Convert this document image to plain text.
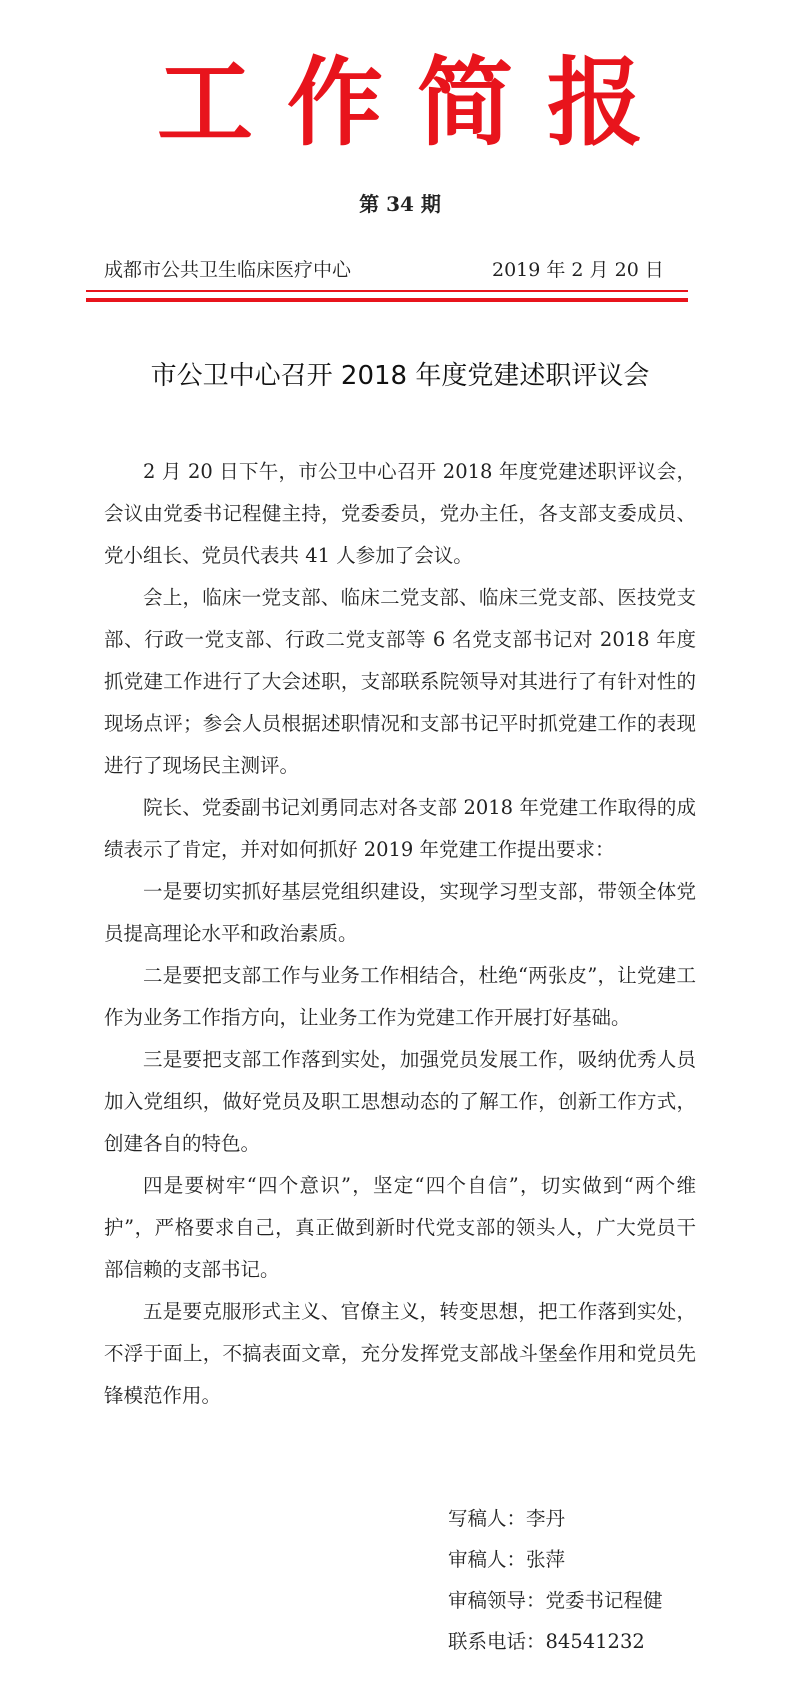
工作简报
第 34 期
成都市公共卫生临床医疗中心	2019 年 2 月 20 日
市公卫中心召开 2018 年度党建述职评议会

2 月 20 日下午，市公卫中心召开 2018 年度党建述职评议会，会议由党委书记程健主持，党委委员，党办主任，各支部支委成员、党小组长、党员代表共 41 人参加了会议。

会上，临床一党支部、临床二党支部、临床三党支部、医技党支部、行政一党支部、行政二党支部等 6 名党支部书记对 2018 年度抓党建工作进行了大会述职，支部联系院领导对其进行了有针对性的现场点评；参会人员根据述职情况和支部书记平时抓党建工作的表现进行了现场民主测评。

院长、党委副书记刘勇同志对各支部 2018 年党建工作取得的成绩表示了肯定，并对如何抓好 2019 年党建工作提出要求：

一是要切实抓好基层党组织建设，实现学习型支部，带领全体党员提高理论水平和政治素质。

二是要把支部工作与业务工作相结合，杜绝“两张皮”，让党建工作为业务工作指方向，让业务工作为党建工作开展打好基础。

三是要把支部工作落到实处，加强党员发展工作，吸纳优秀人员加入党组织，做好党员及职工思想动态的了解工作，创新工作方式，创建各自的特色。

四是要树牢“四个意识”，坚定“四个自信”，切实做到“两个维护”，严格要求自己，真正做到新时代党支部的领头人，广大党员干部信赖的支部书记。

五是要克服形式主义、官僚主义，转变思想，把工作落到实处，不浮于面上，不搞表面文章，充分发挥党支部战斗堡垒作用和党员先锋模范作用。

写稿人：李丹
审稿人：张萍
审稿领导：党委书记程健
联系电话：84541232
